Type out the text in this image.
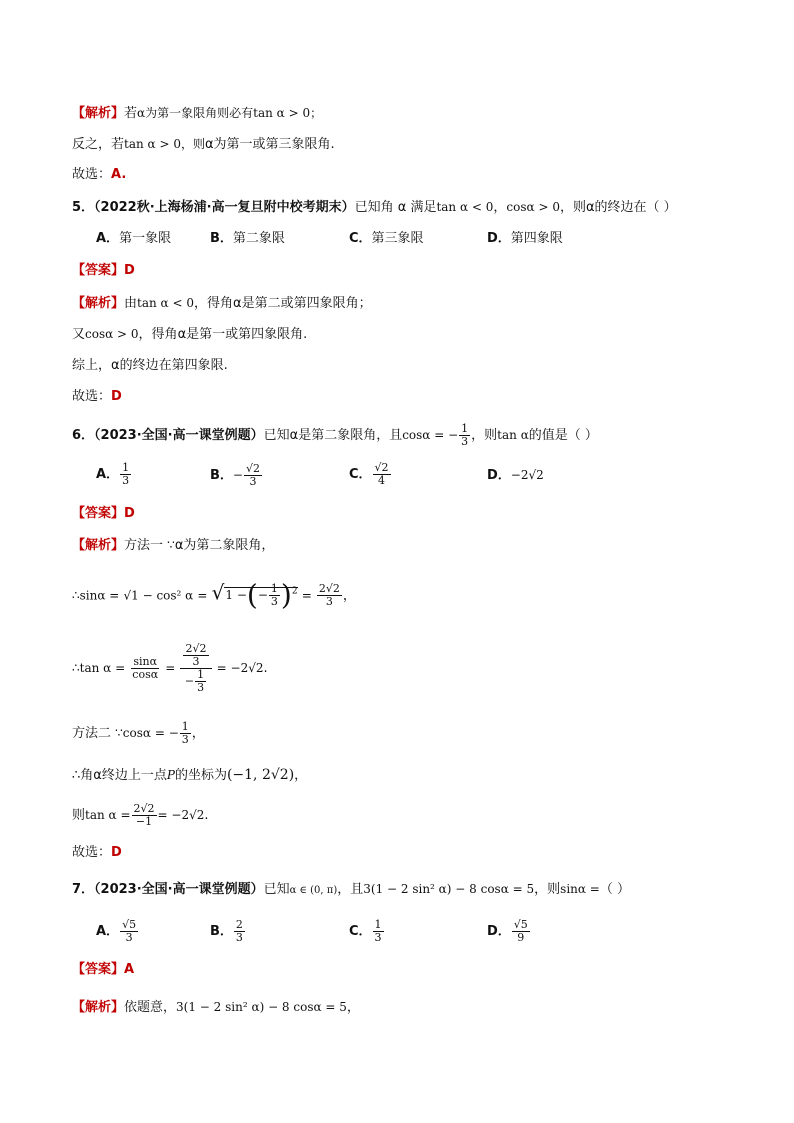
【解析】若α为第一象限角则必有tan α > 0；
反之，若tan α > 0，则α为第一或第三象限角.
故选：A.
5．（2022秋·上海杨浦·高一复旦附中校考期末）已知角 α 满足tan α < 0，cosα > 0，则α的终边在（ ）
A．第一象限	B．第二象限	C．第三象限	D．第四象限
【答案】D
【解析】由tan α < 0，得角α是第二或第四象限角；
又cosα > 0，得角α是第一或第四象限角.
综上，α的终边在第四象限.
故选：D
6．（2023·全国·高一课堂例题）已知α是第二象限角，且cosα = − $\frac{1}{3}$ ，则tan α的值是（ ）
A． $\frac{1}{3}$	B．− $\frac{√2}{3}$	C． $\frac{√2}{4}$	D．−2√2
【答案】D
【解析】方法一 ∵α为第二象限角，
∴sinα = √1 − cos² α = √1 −(− $\frac{1}{3} )^2 = \frac{2√2}{3}$ ，
∴tan $\alpha = \frac{\sin\alpha}{\cos\alpha} = \frac{\frac{2√2}{3}}{- \frac{1}{3}} = -2√2$.
方法二 ∵cosα = − $\frac{1}{3}$ ，
∴角α终边上一点P的坐标为(−1, 2√2)，
则$\tan \alpha = \frac{2√2}{-1} = -2√2$.
故选：D
7．（2023·全国·高一课堂例题）已知α ∈ (0, π)，且3(1 − 2 sin² α) − 8 cosα = 5，则sinα =（ ）
A． $\frac{√5}{3}$	B． $\frac{2}{3}$	C． $\frac{1}{3}$	D． $\frac{√5}{9}$
【答案】A
【解析】依题意，3(1 − 2 sin² α) − 8 cosα = 5，
